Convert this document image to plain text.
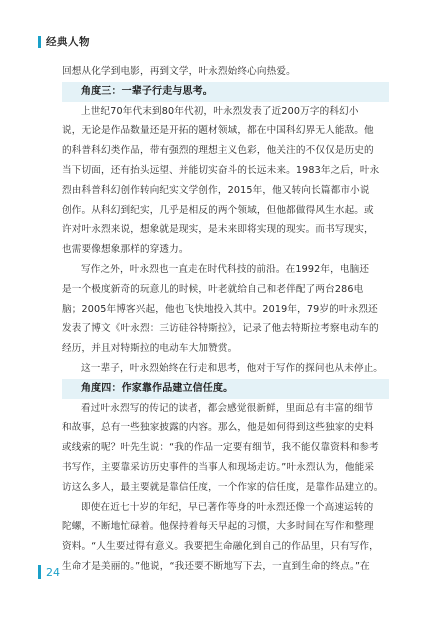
经典人物
回想从化学到电影，再到文学，叶永烈始终心向热爱。
角度三：一辈子行走与思考。
上世纪70年代末到80年代初，叶永烈发表了近200万字的科幻小
说，无论是作品数量还是开拓的题材领域，都在中国科幻界无人能敌。他
的科普科幻类作品，带有强烈的理想主义色彩，他关注的不仅仅是历史的
当下切面，还有抬头远望、并能切实奋斗的长远未来。1983年之后，叶永
烈由科普科幻创作转向纪实文学创作，2015年，他又转向长篇都市小说
创作。从科幻到纪实，几乎是相反的两个领域，但他都做得风生水起。或
许对叶永烈来说，想象就是现实，是未来即将实现的现实。而书写现实，
也需要像想象那样的穿透力。
写作之外，叶永烈也一直走在时代科技的前沿。在1992年，电脑还
是一个极度新奇的玩意儿的时候，叶老就给自己和老伴配了两台286电
脑；2005年博客兴起，他也飞快地投入其中。2019年，79岁的叶永烈还
发表了博文《叶永烈：三访硅谷特斯拉》，记录了他去特斯拉考察电动车的
经历，并且对特斯拉的电动车大加赞赏。
这一辈子，叶永烈始终在行走和思考，他对于写作的探问也从未停止。
角度四：作家靠作品建立信任度。
看过叶永烈写的传记的读者，都会感觉很新鲜，里面总有丰富的细节
和故事，总有一些独家披露的内容。那么，他是如何得到这些独家的史料
或线索的呢？叶先生说：“我的作品一定要有细节，我不能仅靠资料和参考
书写作，主要靠采访历史事件的当事人和现场走访。”叶永烈认为，他能采
访这么多人，最主要就是靠信任度，一个作家的信任度，是靠作品建立的。
即使在近七十岁的年纪，早已著作等身的叶永烈还像一个高速运转的
陀螺，不断地忙碌着。他保持着每天早起的习惯，大多时间在写作和整理
资料。“人生要过得有意义。我要把生命融化到自己的作品里，只有写作，
生命才是美丽的。”他说，“我还要不断地写下去，一直到生命的终点。”在
24
